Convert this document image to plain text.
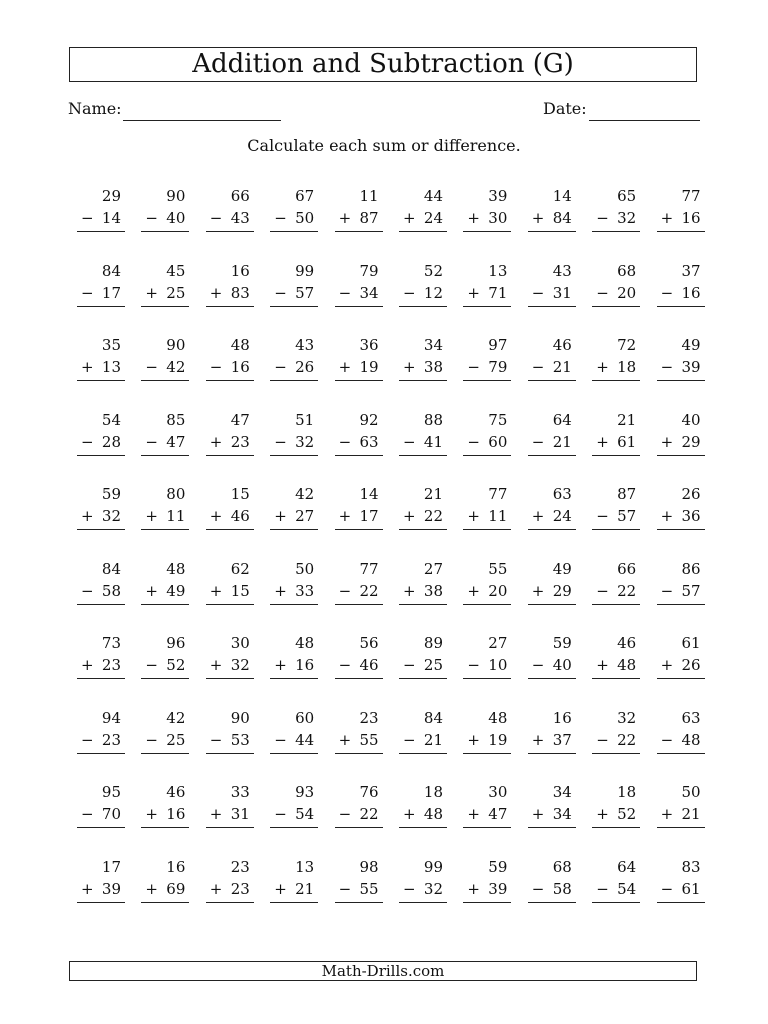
Addition and Subtraction (G)
Name:	Date:
Calculate each sum or difference.
29
− 14
90
− 40
66
− 43
67
− 50
11
+ 87
44
+ 24
39
+ 30
14
+ 84
65
− 32
77
+ 16
84
− 17
45
+ 25
16
+ 83
99
− 57
79
− 34
52
− 12
13
+ 71
43
− 31
68
− 20
37
− 16
35
+ 13
90
− 42
48
− 16
43
− 26
36
+ 19
34
+ 38
97
− 79
46
− 21
72
+ 18
49
− 39
54
− 28
85
− 47
47
+ 23
51
− 32
92
− 63
88
− 41
75
− 60
64
− 21
21
+ 61
40
+ 29
59
+ 32
80
+ 11
15
+ 46
42
+ 27
14
+ 17
21
+ 22
77
+ 11
63
+ 24
87
− 57
26
+ 36
84
− 58
48
+ 49
62
+ 15
50
+ 33
77
− 22
27
+ 38
55
+ 20
49
+ 29
66
− 22
86
− 57
73
+ 23
96
− 52
30
+ 32
48
+ 16
56
− 46
89
− 25
27
− 10
59
− 40
46
+ 48
61
+ 26
94
− 23
42
− 25
90
− 53
60
− 44
23
+ 55
84
− 21
48
+ 19
16
+ 37
32
− 22
63
− 48
95
− 70
46
+ 16
33
+ 31
93
− 54
76
− 22
18
+ 48
30
+ 47
34
+ 34
18
+ 52
50
+ 21
17
+ 39
16
+ 69
23
+ 23
13
+ 21
98
− 55
99
− 32
59
+ 39
68
− 58
64
− 54
83
− 61
Math-Drills.com
